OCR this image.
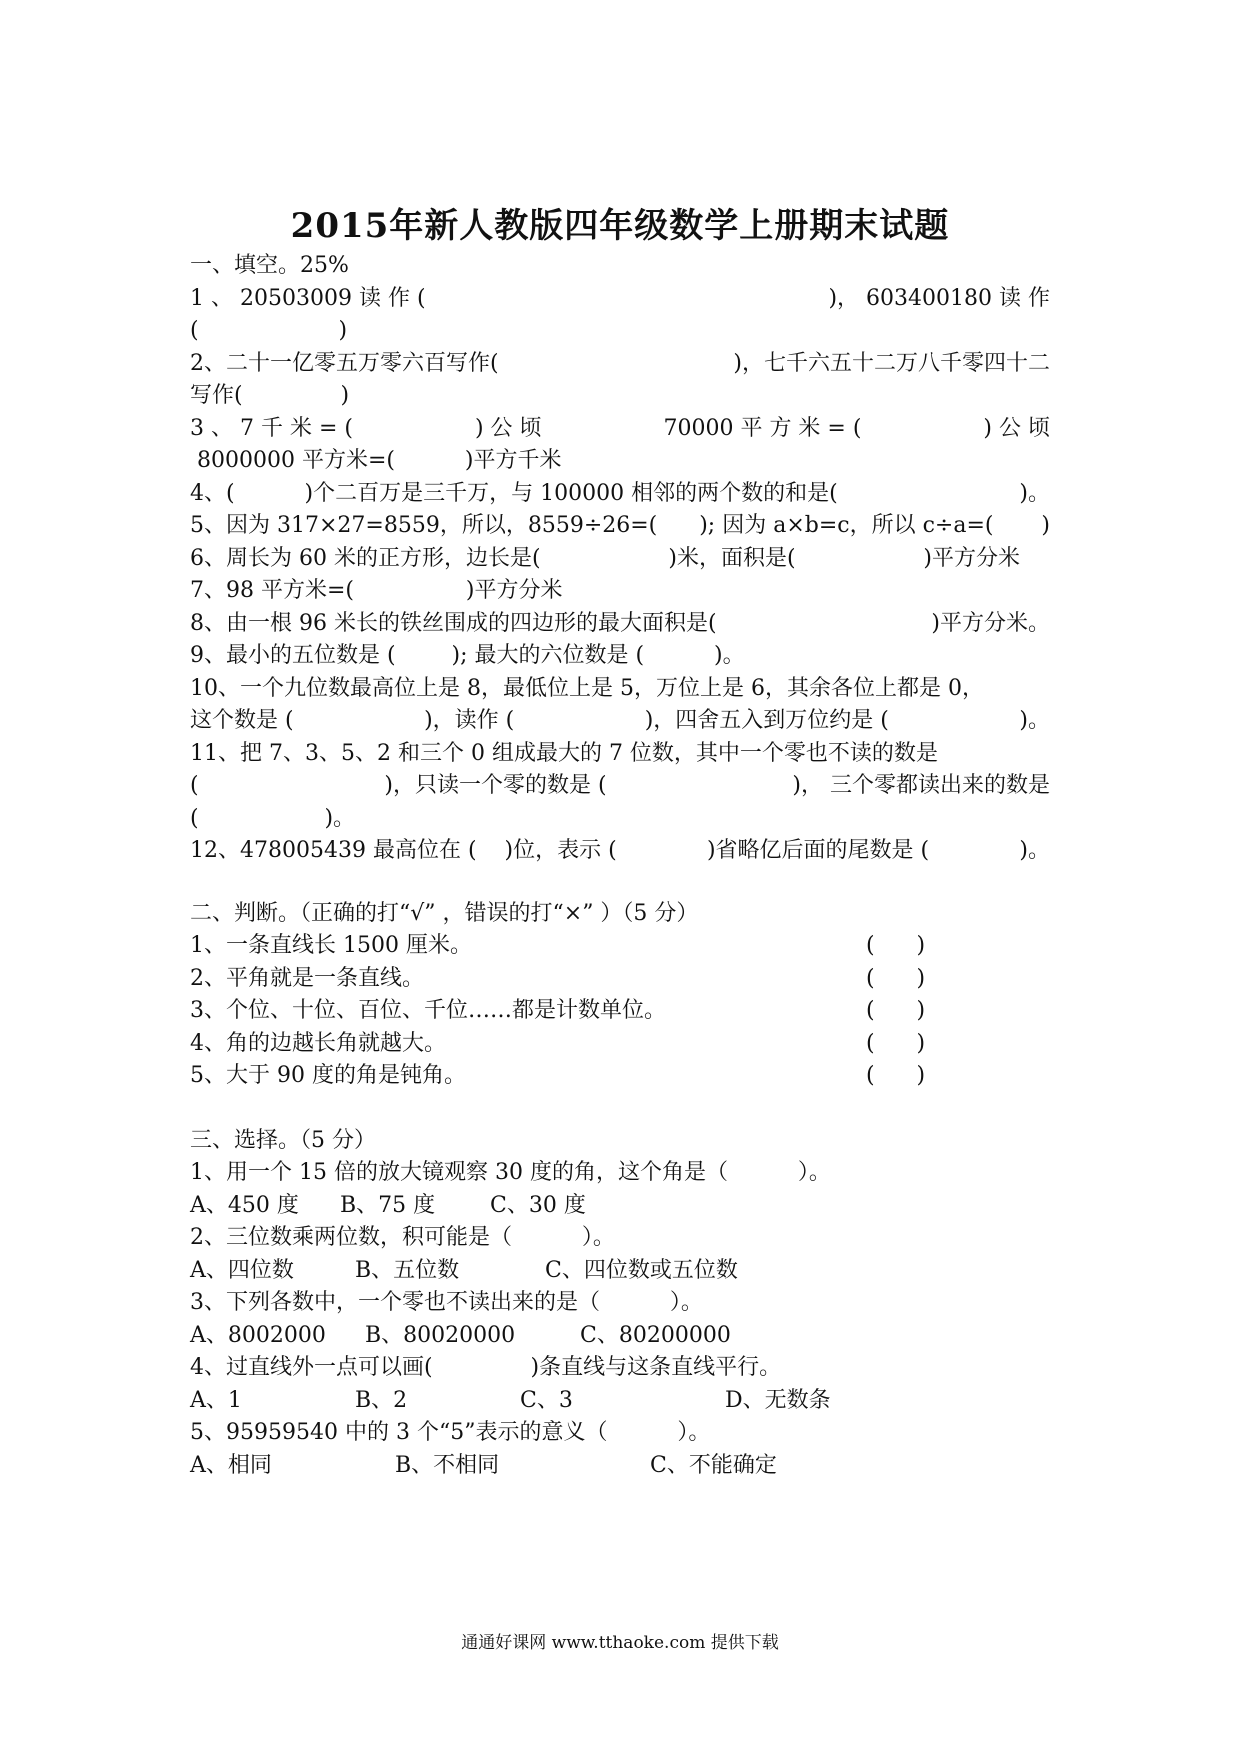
2015年新人教版四年级数学上册期末试题
一、填空。25%
1 、 20503009 读 作 (	)， 603400180 读 作
(                    )
2、二十一亿零五万零六百写作(	)，七千六五十二万八千零四十二
写作(              )
3 、 7 千 米 = (	) 公 顷	70000 平 方 米 = (	) 公 顷
8000000 平方米=(          )平方千米
4、(          )个二百万是三千万，与 100000 相邻的两个数的和是(	)。
5、因为 317×27=8559，所以，8559÷26=(      ); 因为 a×b=c，所以 c÷a=( )
6、周长为 60 米的正方形，边长是(	)米，面积是(	)平方分米
7、98 平方米=(                )平方分米
8、由一根 96 米长的铁丝围成的四边形的最大面积是(	)平方分米。
9、最小的五位数是 (        ); 最大的六位数是 (          )。
10、一个九位数最高位上是 8，最低位上是 5，万位上是 6，其余各位上都是 0，
这个数是 (	)，读作 (	)，四舍五入到万位约是 (	)。
11、把 7、3、5、2 和三个 0 组成最大的 7 位数，其中一个零也不读的数是
(	)，只读一个零的数是 (	)， 三个零都读出来的数是
(                  )。
12、478005439 最高位在 (    )位，表示 (	)省略亿后面的尾数是 (	)。
二、判断。（正确的打“√” ，错误的打“×” ）（5 分）
1、一条直线长 1500 厘米。	(      )
2、平角就是一条直线。	(      )
3、个位、十位、百位、千位……都是计数单位。	(      )
4、角的边越长角就越大。	(      )
5、大于 90 度的角是钝角。	(      )
三、选择。（5 分）
1、用一个 15 倍的放大镜观察 30 度的角，这个角是（          ）。
A、450 度	B、75 度	C、30 度
2、三位数乘两位数，积可能是（          ）。
A、四位数	B、五位数	C、四位数或五位数
3、下列各数中，一个零也不读出来的是（          ）。
A、8002000	B、80020000	C、80200000
4、过直线外一点可以画(              )条直线与这条直线平行。
A、1	B、2	C、3	D、无数条
5、95959540 中的 3 个“5”表示的意义（          ）。
A、相同	B、不相同	C、不能确定
通通好课网 www.tthaoke.com 提供下载
